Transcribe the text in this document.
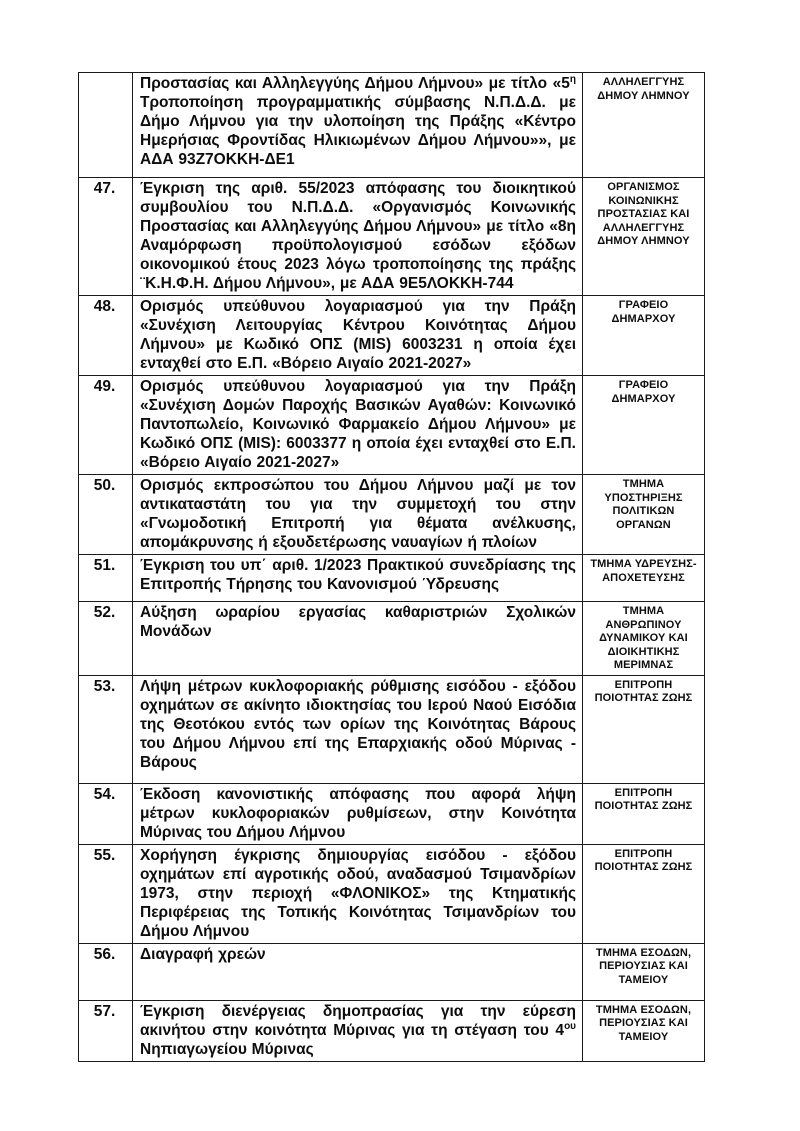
	Προστασίας και Αλληλεγγύης Δήμου Λήμνου» με τίτλο «$5^\eta$ Τροποποίηση προγραμματικής σύμβασης Ν.Π.Δ.Δ. με Δήμο Λήμνου για την υλοποίηση της Πράξης «Κέντρο Ημερήσιας Φροντίδας Ηλικιωμένων Δήμου Λήμνου»», με ΑΔΑ 93Ζ7ΟΚΚΗ-ΔΕ1	ΑΛΛΗΛΕΓΓΥΗΣ ΔΗΜΟΥ ΛΗΜΝΟΥ
47.	Έγκριση της αριθ. 55/2023 απόφασης του διοικητικού συμβουλίου του Ν.Π.Δ.Δ. «Οργανισμός Κοινωνικής Προστασίας και Αλληλεγγύης Δήμου Λήμνου» με τίτλο «8η Αναμόρφωση προϋπολογισμού εσόδων εξόδων οικονομικού έτους 2023 λόγω τροποποίησης της πράξης ¨Κ.Η.Φ.Η. Δήμου Λήμνου», με ΑΔΑ 9Ε5ΛΟΚΚΗ-744	ΟΡΓΑΝΙΣΜΟΣ ΚΟΙΝΩΝΙΚΗΣ ΠΡΟΣΤΑΣΙΑΣ ΚΑΙ ΑΛΛΗΛΕΓΓΥΗΣ ΔΗΜΟΥ ΛΗΜΝΟΥ
48.	Ορισμός υπεύθυνου λογαριασμού για την Πράξη «Συνέχιση Λειτουργίας Κέντρου Κοινότητας Δήμου Λήμνου» με Κωδικό ΟΠΣ (MIS) 6003231 η οποία έχει ενταχθεί στο Ε.Π. «Βόρειο Αιγαίο 2021-2027»	ΓΡΑΦΕΙΟ ΔΗΜΑΡΧΟΥ
49.	Ορισμός υπεύθυνου λογαριασμού για την Πράξη «Συνέχιση Δομών Παροχής Βασικών Αγαθών: Κοινωνικό Παντοπωλείο, Κοινωνικό Φαρμακείο Δήμου Λήμνου» με Κωδικό ΟΠΣ (MIS): 6003377 η οποία έχει ενταχθεί στο Ε.Π. «Βόρειο Αιγαίο 2021-2027»	ΓΡΑΦΕΙΟ ΔΗΜΑΡΧΟΥ
50.	Ορισμός εκπροσώπου του Δήμου Λήμνου μαζί με τον αντικαταστάτη του για την συμμετοχή του στην «Γνωμοδοτική Επιτροπή για θέματα ανέλκυσης, απομάκρυνσης ή εξουδετέρωσης ναυαγίων ή πλοίων	ΤΜΗΜΑ ΥΠΟΣΤΗΡΙΞΗΣ ΠΟΛΙΤΙΚΩΝ ΟΡΓΑΝΩΝ
51.	Έγκριση του υπ΄ αριθ. 1/2023 Πρακτικού συνεδρίασης της Επιτροπής Τήρησης του Κανονισμού Ύδρευσης	ΤΜΗΜΑ ΥΔΡΕΥΣΗΣ-ΑΠΟΧΕΤΕΥΣΗΣ
52.	Αύξηση ωραρίου εργασίας καθαριστριών Σχολικών Μονάδων	ΤΜΗΜΑ ΑΝΘΡΩΠΙΝΟΥ ΔΥΝΑΜΙΚΟΥ ΚΑΙ ΔΙΟΙΚΗΤΙΚΗΣ ΜΕΡΙΜΝΑΣ
53.	Λήψη μέτρων κυκλοφοριακής ρύθμισης εισόδου - εξόδου οχημάτων σε ακίνητο ιδιοκτησίας του Ιερού Ναού Εισόδια της Θεοτόκου εντός των ορίων της Κοινότητας Βάρους του Δήμου Λήμνου επί της Επαρχιακής οδού Μύρινας - Βάρους	ΕΠΙΤΡΟΠΗ ΠΟΙΟΤΗΤΑΣ ΖΩΗΣ
54.	Έκδοση κανονιστικής απόφασης που αφορά λήψη μέτρων κυκλοφοριακών ρυθμίσεων, στην Κοινότητα Μύρινας του Δήμου Λήμνου	ΕΠΙΤΡΟΠΗ ΠΟΙΟΤΗΤΑΣ ΖΩΗΣ
55.	Χορήγηση έγκρισης δημιουργίας εισόδου - εξόδου οχημάτων επί αγροτικής οδού, αναδασμού Τσιμανδρίων 1973, στην περιοχή «ΦΛΟΝΙΚΟΣ» της Κτηματικής Περιφέρειας της Τοπικής Κοινότητας Τσιμανδρίων του Δήμου Λήμνου	ΕΠΙΤΡΟΠΗ ΠΟΙΟΤΗΤΑΣ ΖΩΗΣ
56.	Διαγραφή χρεών	ΤΜΗΜΑ ΕΣΟΔΩΝ, ΠΕΡΙΟΥΣΙΑΣ ΚΑΙ ΤΑΜΕΙΟΥ
57.	Έγκριση διενέργειας δημοπρασίας για την εύρεση ακινήτου στην κοινότητα Μύρινας για τη στέγαση του $4^{o\upsilon}$ Νηπιαγωγείου Μύρινας	ΤΜΗΜΑ ΕΣΟΔΩΝ, ΠΕΡΙΟΥΣΙΑΣ ΚΑΙ ΤΑΜΕΙΟΥ
